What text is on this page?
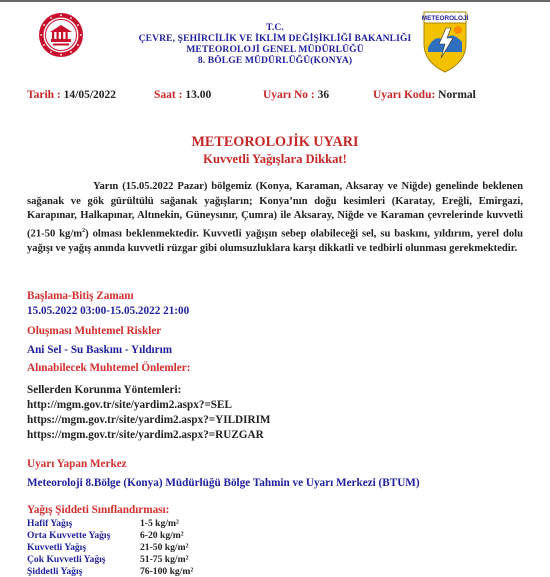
METEOROLOJİ
T.C.
ÇEVRE, ŞEHİRCİLİK VE İKLİM DEĞİŞİKLİĞİ BAKANLIĞI
METEOROLOJİ GENEL MÜDÜRLÜĞÜ
8. BÖLGE MÜDÜRLÜĞÜ(KONYA)
Tarih : 14/05/2022	Saat : 13.00	Uyarı No : 36	Uyarı Kodu: Normal
METEOROLOJİK UYARI
Kuvvetli Yağışlara Dikkat!

Yarın (15.05.2022 Pazar) bölgemiz (Konya, Karaman, Aksaray ve Niğde) genelinde beklenen sağanak ve gök gürültülü sağanak yağışların; Konya’nın doğu kesimleri (Karatay, Ereğli, Emirgazi, Karapınar, Halkapınar, Altınekin, Güneysınır, Çumra) ile Aksaray, Niğde ve Karaman çevrelerinde kuvvetli (21-50 $kg/m^2$) olması beklenmektedir. Kuvvetli yağışın sebep olabileceği sel, su baskını, yıldırım, yerel dolu yağışı ve yağış anında kuvvetli rüzgar gibi olumsuzluklara karşı dikkatli ve tedbirli olunması gerekmektedir.

Başlama-Bitiş Zamanı
15.05.2022 03:00-15.05.2022 21:00
Oluşması Muhtemel Riskler
Ani Sel - Su Baskını - Yıldırım
Alınabilecek Muhtemel Önlemler:
Sellerden Korunma Yöntemleri:
http://mgm.gov.tr/site/yardim2.aspx?=SEL
https://mgm.gov.tr/site/yardim2.aspx?=YILDIRIM
https://mgm.gov.tr/site/yardim2.aspx?=RUZGAR
Uyarı Yapan Merkez
Meteoroloji 8.Bölge (Konya) Müdürlüğü Bölge Tahmin ve Uyarı Merkezi (BTUM)
Yağış Şiddeti Sınıflandırması:
Hafif Yağış	1-5 kg/m²
Orta Kuvvette Yağış	6-20 kg/m²
Kuvvetli Yağış	21-50 kg/m²
Çok Kuvvetli Yağış	51-75 kg/m²
Şiddetli Yağış	76-100 kg/m²
